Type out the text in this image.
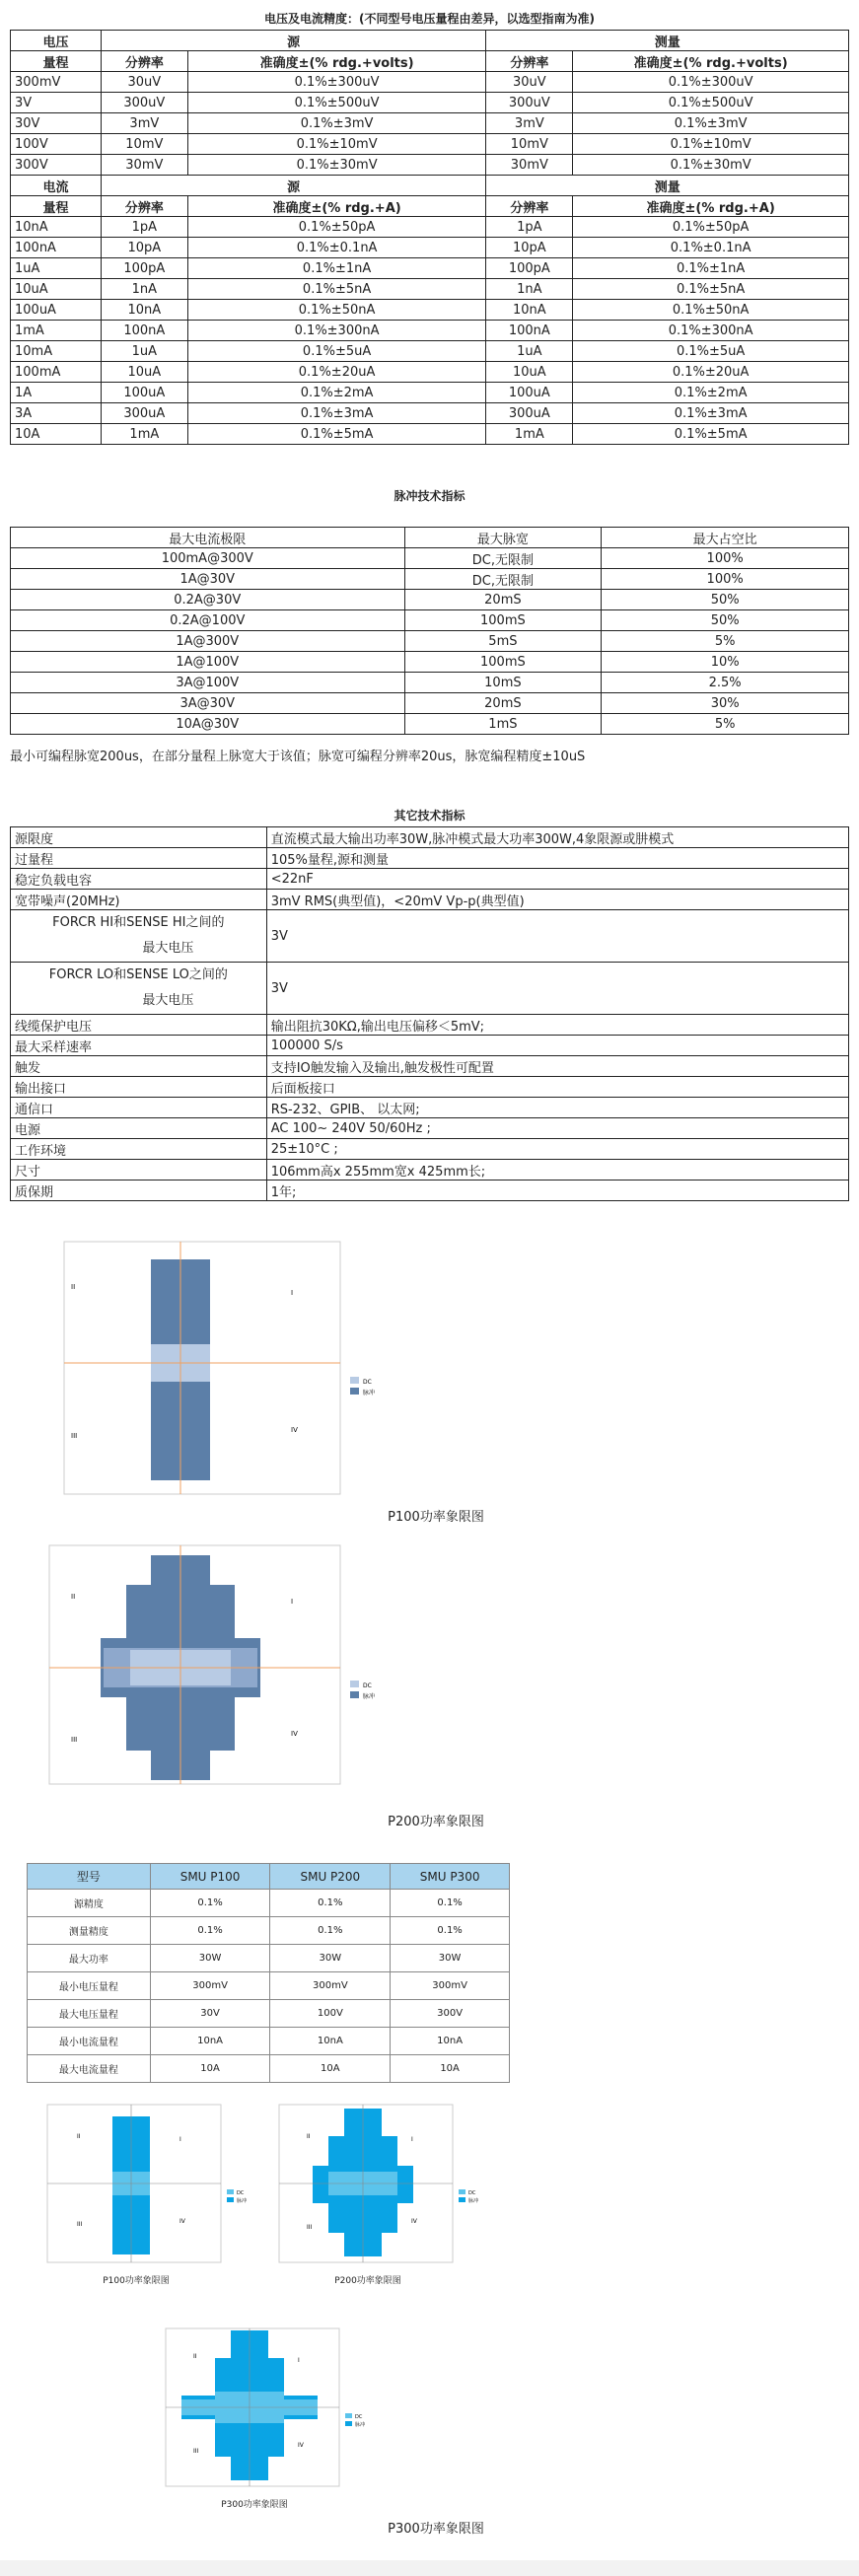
电压及电流精度：(不同型号电压量程由差异，以选型指南为准)
电压	源		测量	
量程	分辨率	准确度±(% rdg.+volts)	分辨率	准确度±(% rdg.+volts)
300mV	30uV	0.1%±300uV	30uV	0.1%±300uV
3V	300uV	0.1%±500uV	300uV	0.1%±500uV
30V	3mV	0.1%±3mV	3mV	0.1%±3mV
100V	10mV	0.1%±10mV	10mV	0.1%±10mV
300V	30mV	0.1%±30mV	30mV	0.1%±30mV
电流	源		测量	
量程	分辨率	准确度±(% rdg.+A)	分辨率	准确度±(% rdg.+A)
10nA	1pA	0.1%±50pA	1pA	0.1%±50pA
100nA	10pA	0.1%±0.1nA	10pA	0.1%±0.1nA
1uA	100pA	0.1%±1nA	100pA	0.1%±1nA
10uA	1nA	0.1%±5nA	1nA	0.1%±5nA
100uA	10nA	0.1%±50nA	10nA	0.1%±50nA
1mA	100nA	0.1%±300nA	100nA	0.1%±300nA
10mA	1uA	0.1%±5uA	1uA	0.1%±5uA
100mA	10uA	0.1%±20uA	10uA	0.1%±20uA
1A	100uA	0.1%±2mA	100uA	0.1%±2mA
3A	300uA	0.1%±3mA	300uA	0.1%±3mA
10A	1mA	0.1%±5mA	1mA	0.1%±5mA
脉冲技术指标
最大电流极限	最大脉宽	最大占空比
100mA@300V	DC,无限制	100%
1A@30V	DC,无限制	100%
0.2A@30V	20mS	50%
0.2A@100V	100mS	50%
1A@300V	5mS	5%
1A@100V	100mS	10%
3A@100V	10mS	2.5%
3A@30V	20mS	30%
10A@30V	1mS	5%
最小可编程脉宽200us，在部分量程上脉宽大于该值；脉宽可编程分辨率20us，脉宽编程精度±10uS
其它技术指标
源限度	直流模式最大输出功率30W,脉冲模式最大功率300W,4象限源或肼模式
过量程	105%量程,源和测量
稳定负载电容	<22nF
宽带噪声(20MHz)	3mV RMS(典型值)，<20mV Vp-p(典型值)

FORCR HI和SENSE HI之间的
最大电压	3V

FORCR LO和SENSE LO之间的
最大电压	3V
线缆保护电压	输出阻抗30KΩ,输出电压偏移＜5mV;
最大采样速率	100000 S/s
触发	支持IO触发输入及输出,触发极性可配置
输出接口	后面板接口
通信口	RS-232、GPIB、 以太网;
电源	AC 100~ 240V 50/60Hz ;
工作环境	25±10°C ;
尺寸	106mm高x 255mm宽x 425mm长;
质保期	1年;
II
I
III
IV
DC
脉冲
P100功率象限图
II
I
III
IV
DC
脉冲
P200功率象限图
型号	SMU P100	SMU P200	SMU P300
源精度	0.1%	0.1%	0.1%
测量精度	0.1%	0.1%	0.1%
最大功率	30W	30W	30W
最小电压量程	300mV	300mV	300mV
最大电压量程	30V	100V	300V
最小电流量程	10nA	10nA	10nA
最大电流量程	10A	10A	10A
II	I
III	IV
DC
脉冲
P100功率象限图
II	I
III
IV
DC
脉冲
P200功率象限图
II
I
III
IV
DC
脉冲
P300功率象限图
P300功率象限图
